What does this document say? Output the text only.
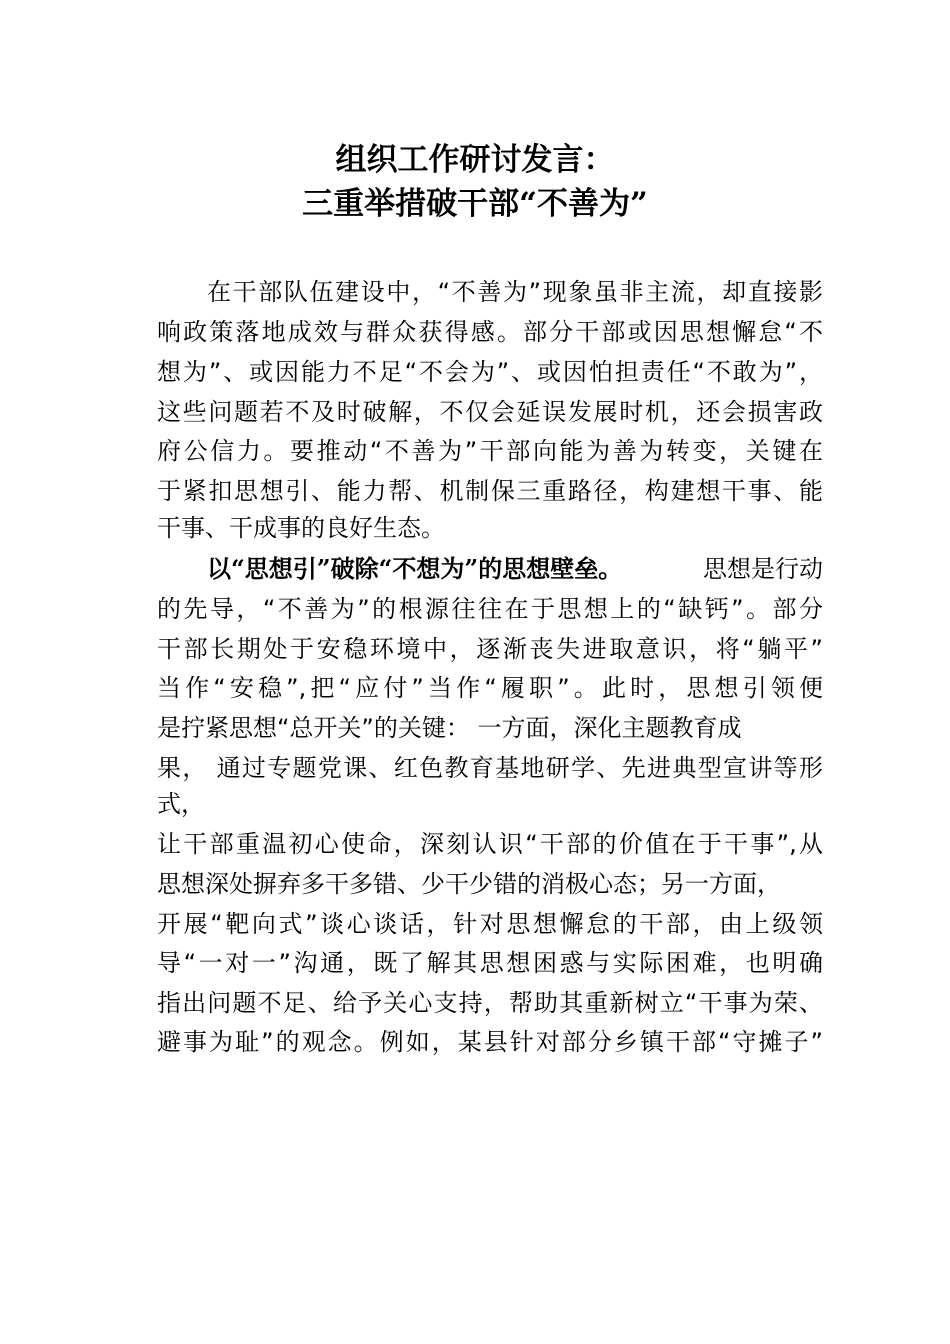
组织工作研讨发言：
三重举措破干部“不善为”
在干部队伍建设中，“不善为”现象虽非主流，却直接影
响政策落地成效与群众获得感。部分干部或因思想懈怠“不
想为”、或因能力不足“不会为”、或因怕担责任“不敢为”，
这些问题若不及时破解，不仅会延误发展时机，还会损害政
府公信力。要推动“不善为”干部向能为善为转变，关键在
于紧扣思想引、能力帮、机制保三重路径，构建想干事、能
干事、干成事的良好生态。
以“思想引”破除“不想为”的思想壁垒。	思想是行动
的先导，“不善为”的根源往往在于思想上的“缺钙”。部分
干部长期处于安稳环境中，逐渐丧失进取意识，将“躺平”
当作“安稳”,把“应付”当作“履职”。此时，思想引领便
是拧紧思想“总开关”的关键： 一方面，深化主题教育成
果， 通过专题党课、红色教育基地研学、先进典型宣讲等形
式，
让干部重温初心使命，深刻认识“干部的价值在于干事”,从
思想深处摒弃多干多错、少干少错的消极心态；另一方面，
开展“靶向式”谈心谈话，针对思想懈怠的干部，由上级领
导“一对一”沟通，既了解其思想困惑与实际困难，也明确
指出问题不足、给予关心支持，帮助其重新树立“干事为荣、
避事为耻”的观念。例如，某县针对部分乡镇干部“守摊子”
